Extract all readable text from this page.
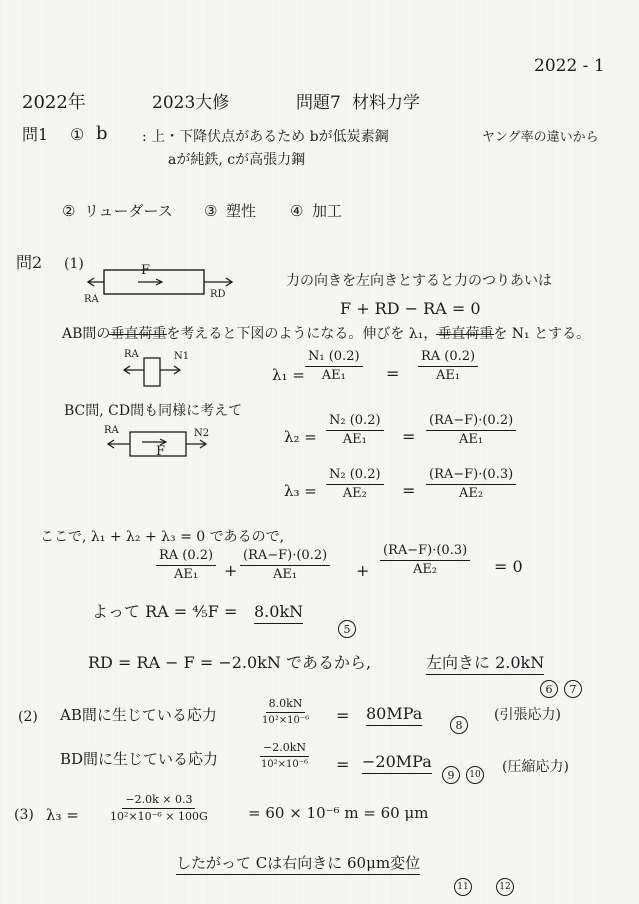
2022 - 1
2022年	2023大修	問題7 材料力学
問1 ① b : 上・下降伏点があるため bが低炭素鋼	ヤング率の違いから
aが純鉄, cが高張力鋼
② リューダース ③ 塑性 ④ 加工
問2 (1)	F
RA	RD
力の向きを左向きとすると力のつりあいは
F + RD − RA = 0
AB間の垂直荷重を考えると下図のようになる。伸びを λ₁，垂直荷重を N₁ とする。
RA	N1
$\lambda_1 = \frac{\text{N₁ (0.2)}}{\text{AE₁}} = \frac{RA (0.2)}{\text{AE₁}}$
BC間, CD間も同様に考えて
RA
F
N2	$\lambda_2 = \frac{\text{N₂ (0.2)}}{\text{AE₁}} = \frac{(RA-F)\cdot(0.2)}{\text{AE₁}}$
$\lambda_3 = \frac{\text{N₂ (0.2)}}{\text{AE₂}} = \frac{(RA-F)\cdot(0.3)}{\text{AE₂}}$
ここで, λ₁ + λ₂ + λ₃ = 0 であるので,
$\frac{RA (0.2)}{\text{AE₁}} + \frac{(RA-F)\cdot(0.2)}{\text{AE₁}} + \frac{(RA-F)\cdot(0.3)}{\text{AE₂}} = 0$
よって RA = ⅘F = 8.0kN
5
RD = RA − F = −2.0kN であるから,	左向きに 2.0kN
6 7
(2) AB間に生じている応力	$\frac{8.0kN}{\text{10²×10⁻⁶}} = 80MPa$
8
(引張応力)
BD間に生じている応力	$\frac{-2.0kN}{\text{10²×10⁻⁶}} = -20MPa$
9 10 (圧縮応力)
(3) λ₃ =	$\frac{-2.0k \times 0.3}{\text{10²×10⁻⁶ × 100G}}$	= 60 × 10⁻⁶ m = 60 μm
したがって Cは右向きに 60μm変位
11	12
